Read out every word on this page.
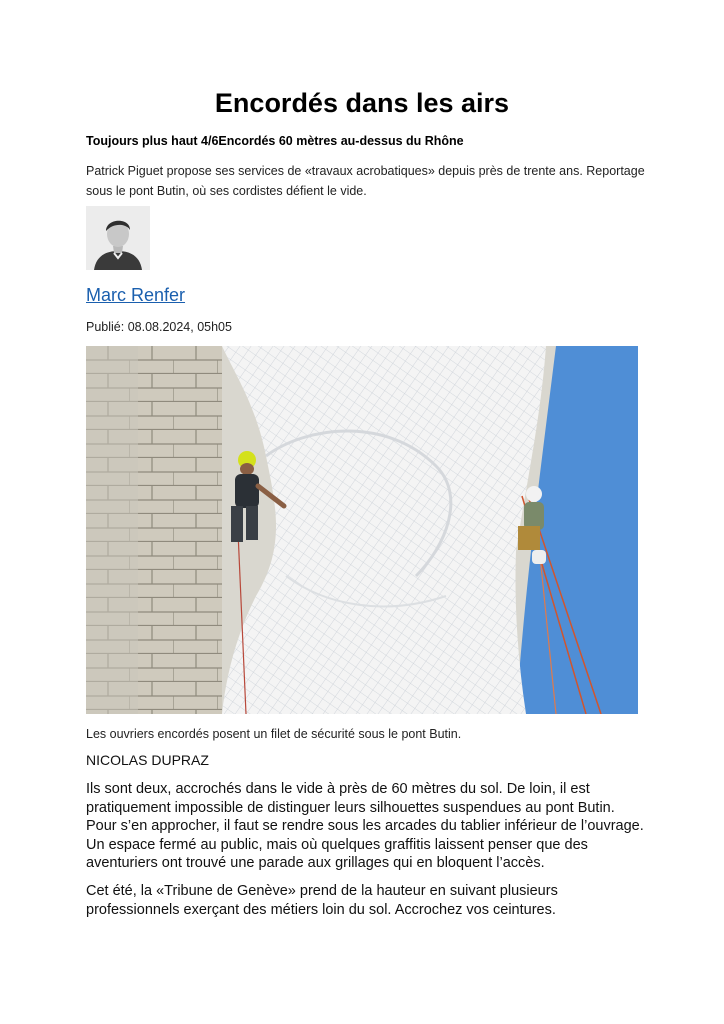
Encordés dans les airs
Toujours plus haut 4/6Encordés 60 mètres au-dessus du Rhône
Patrick Piguet propose ses services de «travaux acrobatiques» depuis près de trente ans. Reportage sous le pont Butin, où ses cordistes défient le vide.
Marc Renfer
Publié: 08.08.2024, 05h05
Les ouvriers encordés posent un filet de sécurité sous le pont Butin.
NICOLAS DUPRAZ
Ils sont deux, accrochés dans le vide à près de 60 mètres du sol. De loin, il est pratiquement impossible de distinguer leurs silhouettes suspendues au pont Butin. Pour s’en approcher, il faut se rendre sous les arcades du tablier inférieur de l’ouvrage. Un espace fermé au public, mais où quelques graffitis laissent penser que des aventuriers ont trouvé une parade aux grillages qui en bloquent l’accès.
Cet été, la «Tribune de Genève» prend de la hauteur en suivant plusieurs professionnels exerçant des métiers loin du sol. Accrochez vos ceintures.
